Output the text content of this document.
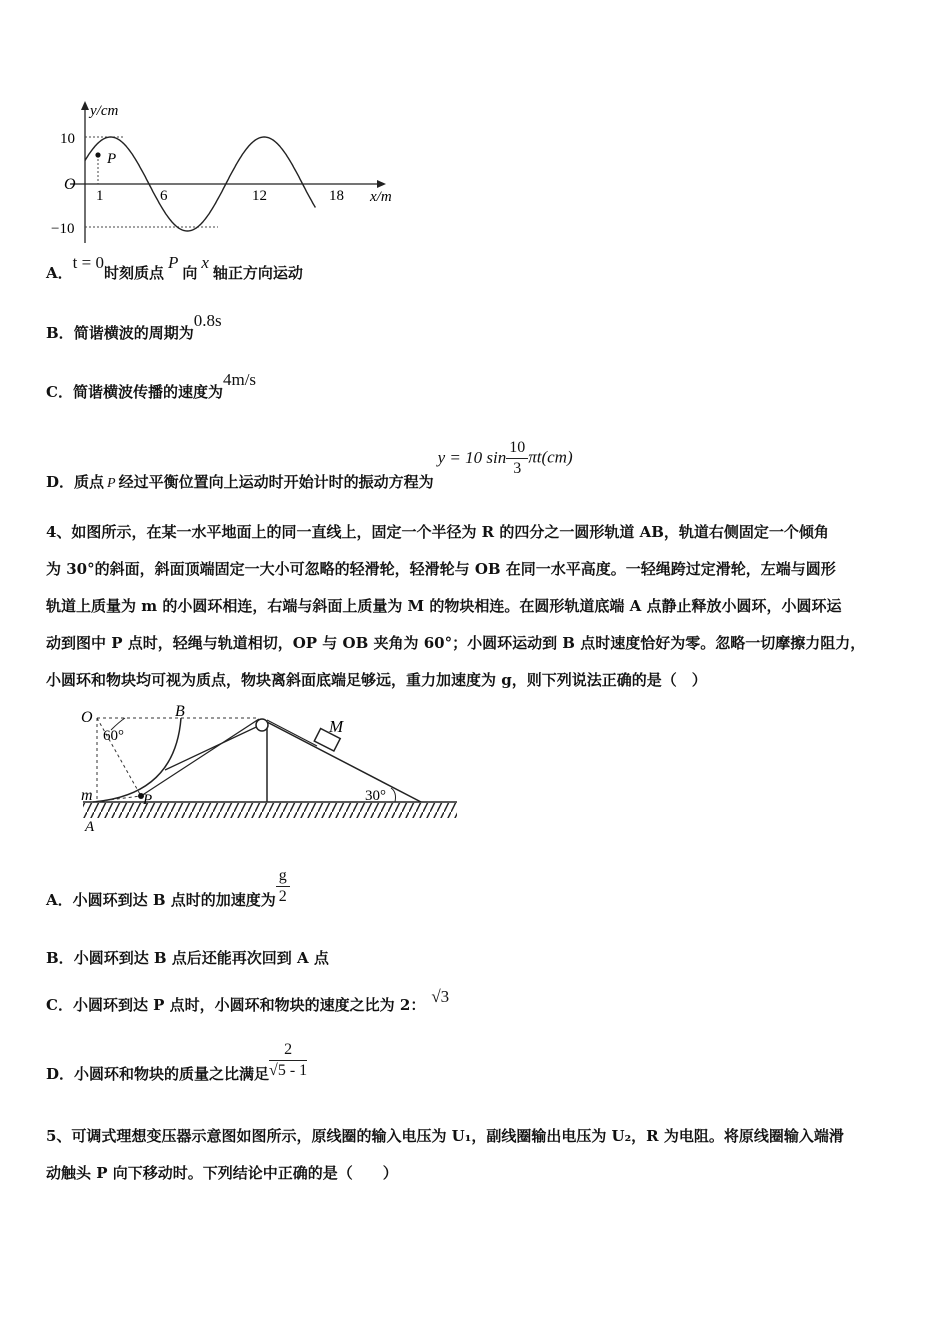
y/cm
O
10
−10
1	6	12	18 x/m
P
A．t = 0时刻质点P向x轴正方向运动
B．简谐横波的周期为0.8s
C．简谐横波传播的速度为4m/s
D．质点 P 经过平衡位置向上运动时开始计时的振动方程为y = 10 $\sin \frac{10}{3} \pi t(cm)$
4、如图所示，在某一水平地面上的同一直线上，固定一个半径为 R 的四分之一圆形轨道 AB，轨道右侧固定一个倾角
为 30°的斜面，斜面顶端固定一大小可忽略的轻滑轮，轻滑轮与 OB 在同一水平高度。一轻绳跨过定滑轮，左端与圆形
轨道上质量为 m 的小圆环相连，右端与斜面上质量为 M 的物块相连。在圆形轨道底端 A 点静止释放小圆环，小圆环运
动到图中 P 点时，轻绳与轨道相切，OP 与 OB 夹角为 60°；小圆环运动到 B 点时速度恰好为零。忽略一切摩擦力阻力，
小圆环和物块均可视为质点，物块离斜面底端足够远，重力加速度为 g，则下列说法正确的是（　）
O	B
60°	M
m	P
A
30°
A．小圆环到达 B 点时的加速度为 $\frac{g}{2}$
B．小圆环到达 B 点后还能再次回到 A 点
C．小圆环到达 P 点时，小圆环和物块的速度之比为 2： √3
D．小圆环和物块的质量之比满足 $\frac{2}{√5 - 1}$
5、可调式理想变压器示意图如图所示，原线圈的输入电压为 U₁，副线圈输出电压为 U₂，R 为电阻。将原线圈输入端滑
动触头 P 向下移动时。下列结论中正确的是（　　）
